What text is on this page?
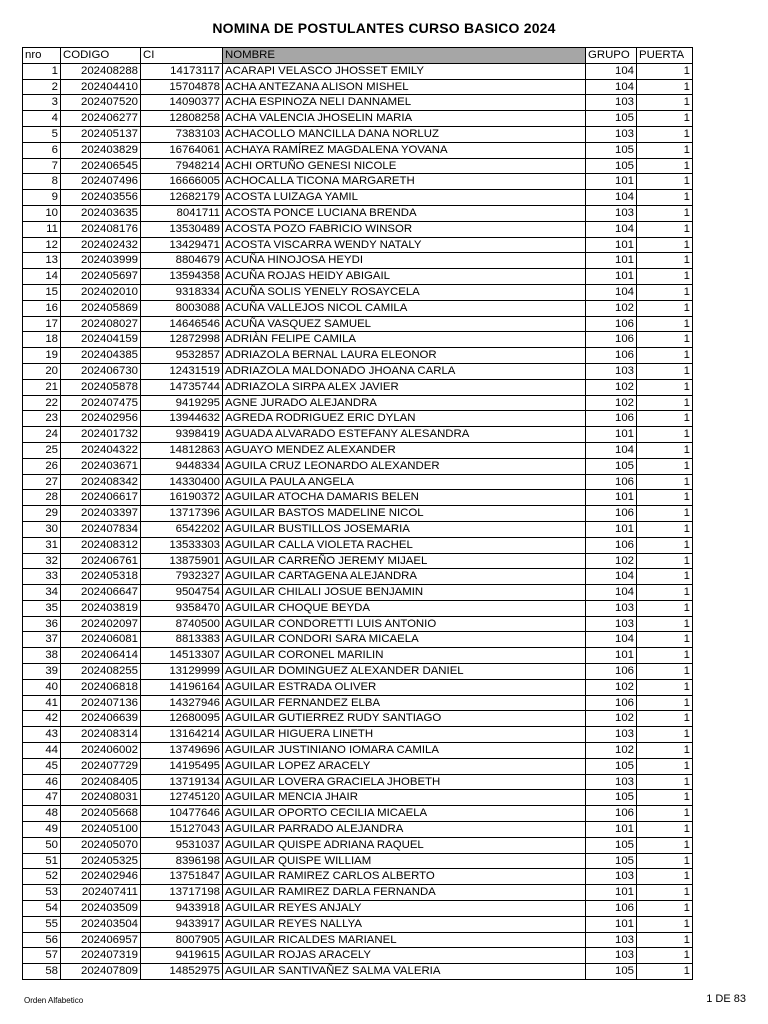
NOMINA DE POSTULANTES CURSO BASICO 2024
nro	CODIGO	CI	NOMBRE	GRUPO	PUERTA
1	202408288	14173117	ACARAPI VELASCO JHOSSET EMILY	104	1
2	202404410	15704878	ACHA ANTEZANA ALISON MISHEL	104	1
3	202407520	14090377	ACHA ESPINOZA NELI DANNAMEL	103	1
4	202406277	12808258	ACHA VALENCIA JHOSELIN MARIA	105	1
5	202405137	7383103	ACHACOLLO MANCILLA DANA NORLUZ	103	1
6	202403829	16764061	ACHAYA RAMÍREZ MAGDALENA YOVANA	105	1
7	202406545	7948214	ACHI ORTUÑO GENESI NICOLE	105	1
8	202407496	16666005	ACHOCALLA TICONA MARGARETH	101	1
9	202403556	12682179	ACOSTA LUIZAGA YAMIL	104	1
10	202403635	8041711	ACOSTA PONCE LUCIANA BRENDA	103	1
11	202408176	13530489	ACOSTA POZO FABRICIO WINSOR	104	1
12	202402432	13429471	ACOSTA VISCARRA WENDY NATALY	101	1
13	202403999	8804679	ACUÑA HINOJOSA HEYDI	101	1
14	202405697	13594358	ACUÑA ROJAS HEIDY ABIGAIL	101	1
15	202402010	9318334	ACUÑA SOLIS YENELY ROSAYCELA	104	1
16	202405869	8003088	ACUÑA VALLEJOS NICOL CAMILA	102	1
17	202408027	14646546	ACUÑA VASQUEZ SAMUEL	106	1
18	202404159	12872998	ADRIÀN FELIPE CAMILA	106	1
19	202404385	9532857	ADRIAZOLA BERNAL LAURA ELEONOR	106	1
20	202406730	12431519	ADRIAZOLA MALDONADO JHOANA CARLA	103	1
21	202405878	14735744	ADRIAZOLA SIRPA ALEX JAVIER	102	1
22	202407475	9419295	AGNE JURADO ALEJANDRA	102	1
23	202402956	13944632	AGREDA RODRIGUEZ ERIC DYLAN	106	1
24	202401732	9398419	AGUADA ALVARADO ESTEFANY ALESANDRA	101	1
25	202404322	14812863	AGUAYO MENDEZ ALEXANDER	104	1
26	202403671	9448334	AGUILA CRUZ LEONARDO ALEXANDER	105	1
27	202408342	14330400	AGUILA PAULA ANGELA	106	1
28	202406617	16190372	AGUILAR ATOCHA DAMARIS BELEN	101	1
29	202403397	13717396	AGUILAR BASTOS MADELINE NICOL	106	1
30	202407834	6542202	AGUILAR BUSTILLOS JOSEMARIA	101	1
31	202408312	13533303	AGUILAR CALLA VIOLETA RACHEL	106	1
32	202406761	13875901	AGUILAR CARREÑO JEREMY MIJAEL	102	1
33	202405318	7932327	AGUILAR CARTAGENA ALEJANDRA	104	1
34	202406647	9504754	AGUILAR CHILALI JOSUE BENJAMIN	104	1
35	202403819	9358470	AGUILAR CHOQUE BEYDA	103	1
36	202402097	8740500	AGUILAR CONDORETTI LUIS ANTONIO	103	1
37	202406081	8813383	AGUILAR CONDORI SARA MICAELA	104	1
38	202406414	14513307	AGUILAR CORONEL MARILIN	101	1
39	202408255	13129999	AGUILAR DOMINGUEZ ALEXANDER DANIEL	106	1
40	202406818	14196164	AGUILAR ESTRADA OLIVER	102	1
41	202407136	14327946	AGUILAR FERNANDEZ ELBA	106	1
42	202406639	12680095	AGUILAR GUTIERREZ RUDY SANTIAGO	102	1
43	202408314	13164214	AGUILAR HIGUERA LINETH	103	1
44	202406002	13749696	AGUILAR JUSTINIANO IOMARA CAMILA	102	1
45	202407729	14195495	AGUILAR LOPEZ ARACELY	105	1
46	202408405	13719134	AGUILAR LOVERA GRACIELA JHOBETH	103	1
47	202408031	12745120	AGUILAR MENCIA JHAIR	105	1
48	202405668	10477646	AGUILAR OPORTO CECILIA MICAELA	106	1
49	202405100	15127043	AGUILAR PARRADO ALEJANDRA	101	1
50	202405070	9531037	AGUILAR QUISPE ADRIANA RAQUEL	105	1
51	202405325	8396198	AGUILAR QUISPE WILLIAM	105	1
52	202402946	13751847	AGUILAR RAMIREZ CARLOS ALBERTO	103	1
53	202407411	13717198	AGUILAR RAMIREZ DARLA FERNANDA	101	1
54	202403509	9433918	AGUILAR REYES ANJALY	106	1
55	202403504	9433917	AGUILAR REYES NALLYA	101	1
56	202406957	8007905	AGUILAR RICALDES MARIANEL	103	1
57	202407319	9419615	AGUILAR ROJAS ARACELY	103	1
58	202407809	14852975	AGUILAR SANTIVAÑEZ SALMA VALERIA	105	1
Orden Alfabetico	1 DE 83
